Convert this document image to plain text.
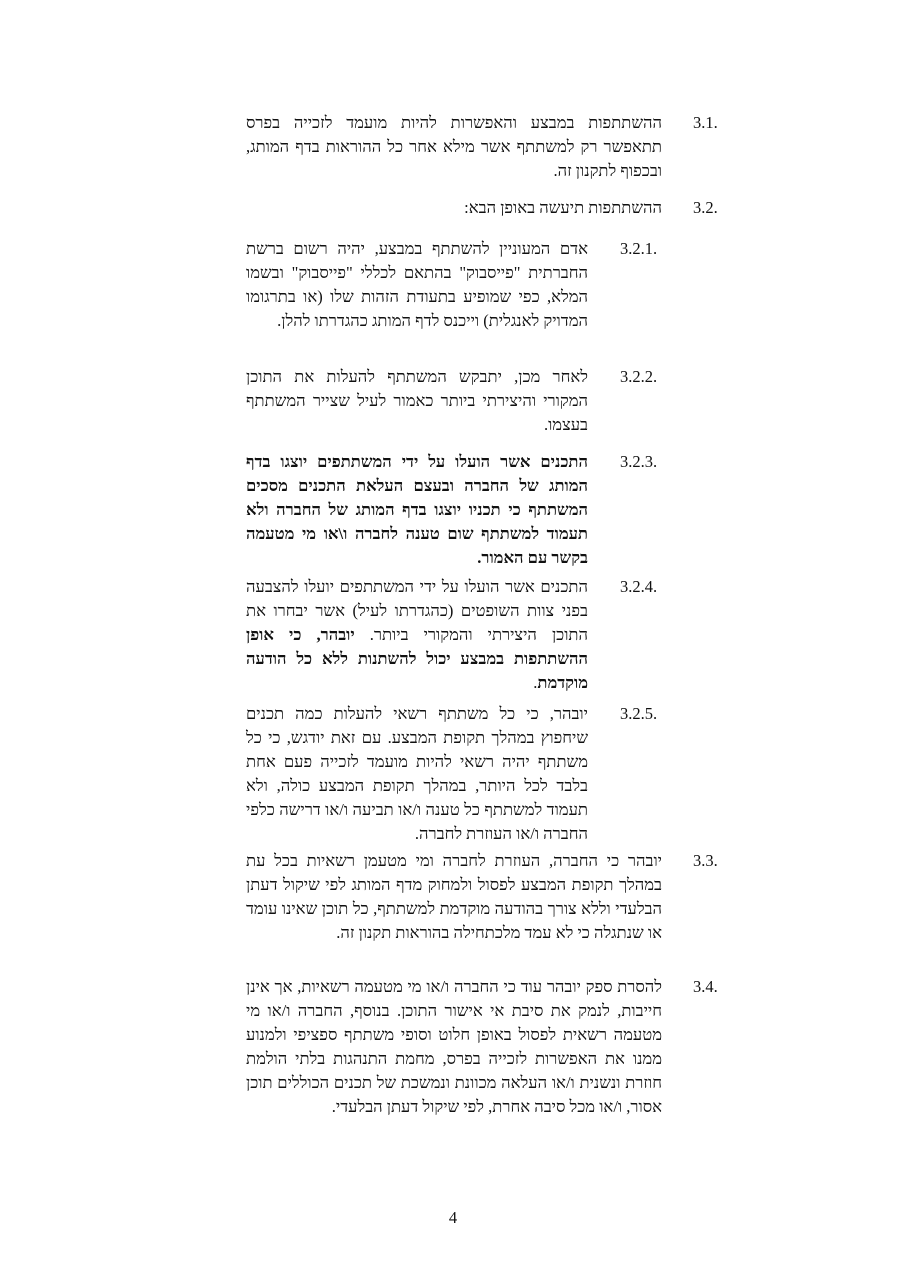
3.1.
ההשתתפות במבצע והאפשרות להיות מועמד לזכייה בפרס תתאפשר רק למשתתף אשר מילא אחר כל ההוראות בדף המותג, ובכפוף לתקנון זה.
3.2.
ההשתתפות תיעשה באופן הבא:
3.2.1.
אדם המעוניין להשתתף במבצע, יהיה רשום ברשת החברתית "פייסבוק" בהתאם לכללי "פייסבוק" ובשמו המלא, כפי שמופיע בתעודת הזהות שלו (או בתרגומו המדויק לאנגלית) וייכנס לדף המותג כהגדרתו להלן.
3.2.2.
לאחר מכן, יתבקש המשתתף להעלות את התוכן המקורי והיצירתי ביותר כאמור לעיל שצייר המשתתף בעצמו.
3.2.3.
התכנים אשר הועלו על ידי המשתתפים יוצגו בדף המותג של החברה ובעצם העלאת התכנים מסכים המשתתף כי תכניו יוצגו בדף המותג של החברה ולא תעמוד למשתתף שום טענה לחברה ו\או מי מטעמה בקשר עם האמור.
3.2.4.
התכנים אשר הועלו על ידי המשתתפים יועלו להצבעה בפני צוות השופטים (כהגדרתו לעיל) אשר יבחרו את התוכן היצירתי והמקורי ביותר. יובהר, כי אופן ההשתתפות במבצע יכול להשתנות ללא כל הודעה מוקדמת.
3.2.5.
יובהר, כי כל משתתף רשאי להעלות כמה תכנים שיחפוץ במהלך תקופת המבצע. עם זאת יודגש, כי כל משתתף יהיה רשאי להיות מועמד לזכייה פעם אחת בלבד לכל היותר, במהלך תקופת המבצע כולה, ולא תעמוד למשתתף כל טענה ו/או תביעה ו/או דרישה כלפי החברה ו/או העוזרת לחברה.
3.3.
יובהר כי החברה, העוזרת לחברה ומי מטעמן רשאיות בכל עת במהלך תקופת המבצע לפסול ולמחוק מדף המותג לפי שיקול דעתן הבלעדי וללא צורך בהודעה מוקדמת למשתתף, כל תוכן שאינו עומד או שנתגלה כי לא עמד מלכתחילה בהוראות תקנון זה.
3.4.
להסרת ספק יובהר עוד כי החברה ו/או מי מטעמה רשאיות, אך אינן חייבות, לנמק את סיבת אי אישור התוכן. בנוסף, החברה ו/או מי מטעמה רשאית לפסול באופן חלוט וסופי משתתף ספציפי ולמנוע ממנו את האפשרות לזכייה בפרס, מחמת התנהגות בלתי הולמת חוזרת ונשנית ו/או העלאה מכוונת ונמשכת של תכנים הכוללים תוכן אסור, ו/או מכל סיבה אחרת, לפי שיקול דעתן הבלעדי.
4
